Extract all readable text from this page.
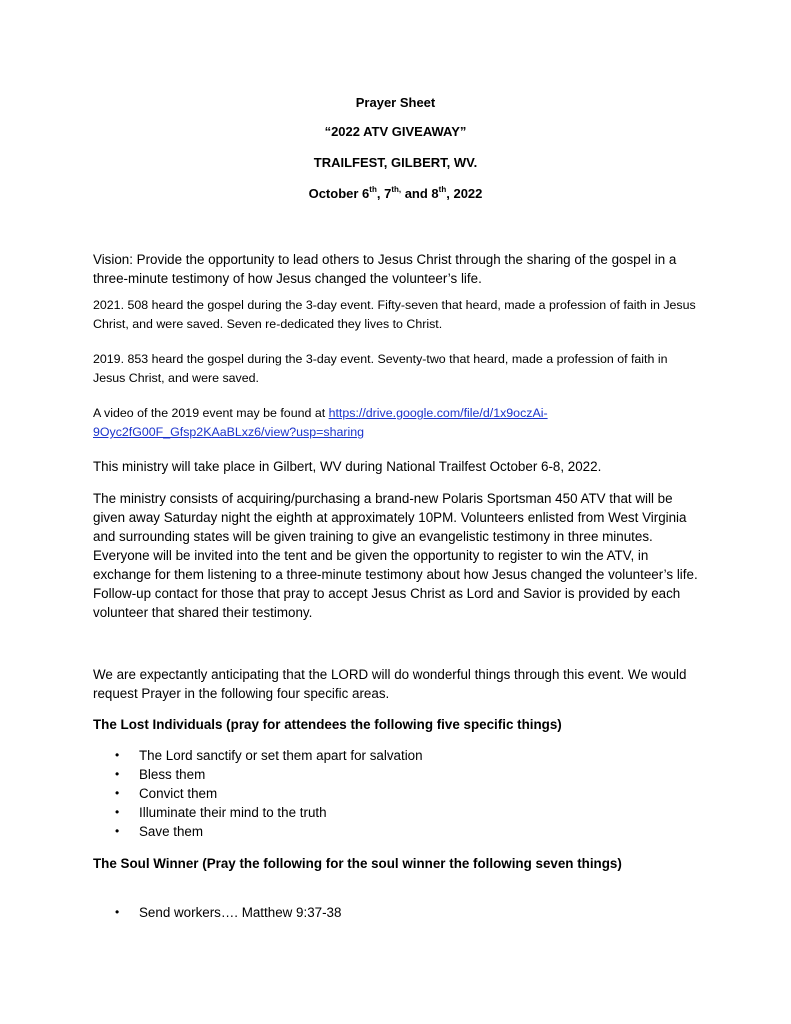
Prayer Sheet
“2022 ATV GIVEAWAY”
TRAILFEST, GILBERT, WV.
October 6th, $7^{th,}$ and 8th, 2022

Vision: Provide the opportunity to lead others to Jesus Christ through the sharing of the gospel in a three-minute testimony of how Jesus changed the volunteer’s life.

2021. 508 heard the gospel during the 3-day event. Fifty-seven that heard, made a profession of faith in Jesus Christ, and were saved. Seven re-dedicated they lives to Christ.

2019. 853 heard the gospel during the 3-day event. Seventy-two that heard, made a profession of faith in Jesus Christ, and were saved.

A video of the 2019 event may be found at https://drive.google.com/file/d/1x9oczAi-9Oyc2fG00F_Gfsp2KAaBLxz6/view?usp=sharing

This ministry will take place in Gilbert, WV during National Trailfest October 6-8, 2022.

The ministry consists of acquiring/purchasing a brand-new Polaris Sportsman 450 ATV that will be given away Saturday night the eighth at approximately 10PM. Volunteers enlisted from West Virginia and surrounding states will be given training to give an evangelistic testimony in three minutes. Everyone will be invited into the tent and be given the opportunity to register to win the ATV, in exchange for them listening to a three-minute testimony about how Jesus changed the volunteer’s life. Follow-up contact for those that pray to accept Jesus Christ as Lord and Savior is provided by each volunteer that shared their testimony.

We are expectantly anticipating that the LORD will do wonderful things through this event. We would request Prayer in the following four specific areas.

The Lost Individuals (pray for attendees the following five specific things)
• The Lord sanctify or set them apart for salvation
• Bless them
• Convict them
• Illuminate their mind to the truth
• Save them
The Soul Winner (Pray the following for the soul winner the following seven things)
• Send workers…. Matthew 9:37-38
